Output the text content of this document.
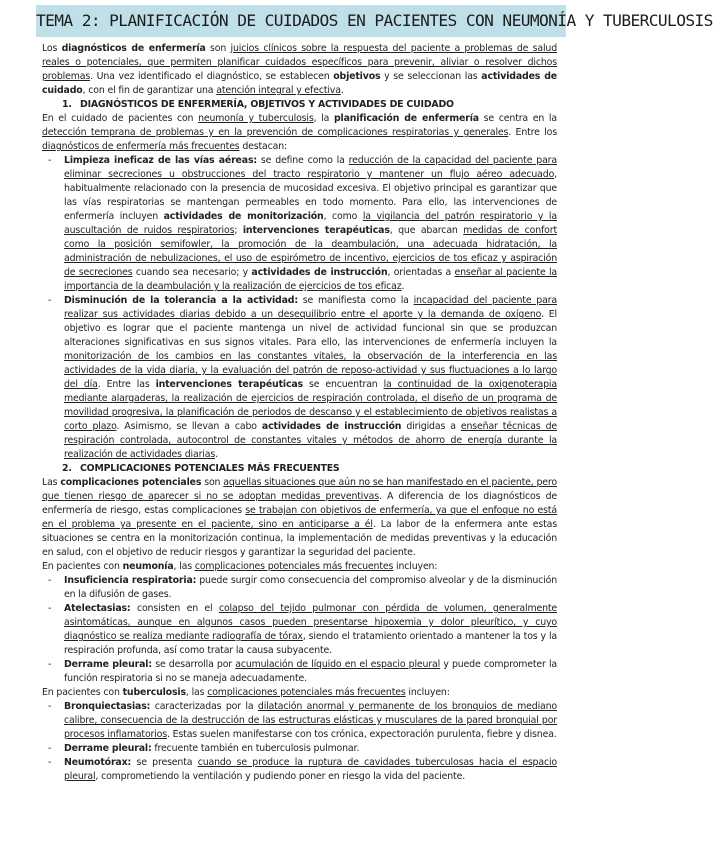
TEMA 2: PLANIFICACIÓN DE CUIDADOS EN PACIENTES CON NEUMONÍA Y TUBERCULOSIS

Los diagnósticos de enfermería son juicios clínicos sobre la respuesta del paciente a problemas de salud reales o potenciales, que permiten planificar cuidados específicos para prevenir, aliviar o resolver dichos problemas. Una vez identificado el diagnóstico, se establecen objetivos y se seleccionan las actividades de cuidado, con el fin de garantizar una atención integral y efectiva.

1. DIAGNÓSTICOS DE ENFERMERÍA, OBJETIVOS Y ACTIVIDADES DE CUIDADO

En el cuidado de pacientes con neumonía y tuberculosis, la planificación de enfermería se centra en la detección temprana de problemas y en la prevención de complicaciones respiratorias y generales. Entre los diagnósticos de enfermería más frecuentes destacan:

- Limpieza ineficaz de las vías aéreas: se define como la reducción de la capacidad del paciente para eliminar secreciones u obstrucciones del tracto respiratorio y mantener un flujo aéreo adecuado, habitualmente relacionado con la presencia de mucosidad excesiva. El objetivo principal es garantizar que las vías respiratorias se mantengan permeables en todo momento. Para ello, las intervenciones de enfermería incluyen actividades de monitorización, como la vigilancia del patrón respiratorio y la auscultación de ruidos respiratorios; intervenciones terapéuticas, que abarcan medidas de confort como la posición semifowler, la promoción de la deambulación, una adecuada hidratación, la administración de nebulizaciones, el uso de espirómetro de incentivo, ejercicios de tos eficaz y aspiración de secreciones cuando sea necesario; y actividades de instrucción, orientadas a enseñar al paciente la importancia de la deambulación y la realización de ejercicios de tos eficaz.
- Disminución de la tolerancia a la actividad: se manifiesta como la incapacidad del paciente para realizar sus actividades diarias debido a un desequilibrio entre el aporte y la demanda de oxígeno. El objetivo es lograr que el paciente mantenga un nivel de actividad funcional sin que se produzcan alteraciones significativas en sus signos vitales. Para ello, las intervenciones de enfermería incluyen la monitorización de los cambios en las constantes vitales, la observación de la interferencia en las actividades de la vida diaria, y la evaluación del patrón de reposo-actividad y sus fluctuaciones a lo largo del día. Entre las intervenciones terapéuticas se encuentran la continuidad de la oxigenoterapia mediante alargaderas, la realización de ejercicios de respiración controlada, el diseño de un programa de movilidad progresiva, la planificación de periodos de descanso y el establecimiento de objetivos realistas a corto plazo. Asimismo, se llevan a cabo actividades de instrucción dirigidas a enseñar técnicas de respiración controlada, autocontrol de constantes vitales y métodos de ahorro de energía durante la realización de actividades diarias.

2. COMPLICACIONES POTENCIALES MÁS FRECUENTES

Las complicaciones potenciales son aquellas situaciones que aún no se han manifestado en el paciente, pero que tienen riesgo de aparecer si no se adoptan medidas preventivas. A diferencia de los diagnósticos de enfermería de riesgo, estas complicaciones se trabajan con objetivos de enfermería, ya que el enfoque no está en el problema ya presente en el paciente, sino en anticiparse a él. La labor de la enfermera ante estas situaciones se centra en la monitorización continua, la implementación de medidas preventivas y la educación en salud, con el objetivo de reducir riesgos y garantizar la seguridad del paciente.

En pacientes con neumonía, las complicaciones potenciales más frecuentes incluyen:

- Insuficiencia respiratoria: puede surgir como consecuencia del compromiso alveolar y de la disminución en la difusión de gases.
- Atelectasias: consisten en el colapso del tejido pulmonar con pérdida de volumen, generalmente asintomáticas, aunque en algunos casos pueden presentarse hipoxemia y dolor pleurítico, y cuyo diagnóstico se realiza mediante radiografía de tórax, siendo el tratamiento orientado a mantener la tos y la respiración profunda, así como tratar la causa subyacente.
- Derrame pleural: se desarrolla por acumulación de líquido en el espacio pleural y puede comprometer la función respiratoria si no se maneja adecuadamente.

En pacientes con tuberculosis, las complicaciones potenciales más frecuentes incluyen:

- Bronquiectasias: caracterizadas por la dilatación anormal y permanente de los bronquios de mediano calibre, consecuencia de la destrucción de las estructuras elásticas y musculares de la pared bronquial por procesos inflamatorios. Estas suelen manifestarse con tos crónica, expectoración purulenta, fiebre y disnea.
- Derrame pleural: frecuente también en tuberculosis pulmonar.
- Neumotórax: se presenta cuando se produce la ruptura de cavidades tuberculosas hacia el espacio pleural, comprometiendo la ventilación y pudiendo poner en riesgo la vida del paciente.
